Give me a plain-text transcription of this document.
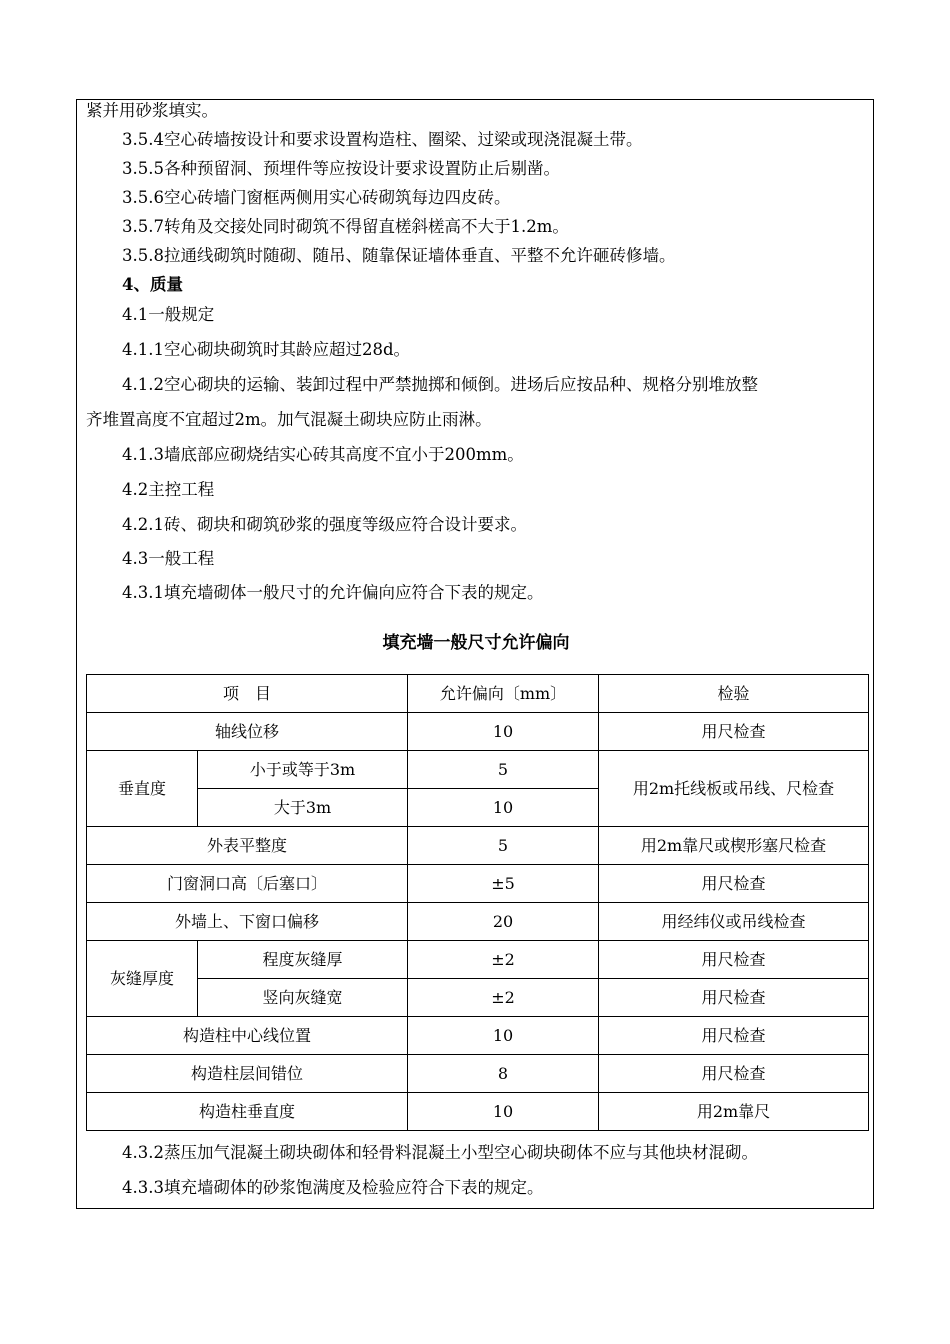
紧并用砂浆填实。
3.5.4空心砖墙按设计和要求设置构造柱、圈梁、过梁或现浇混凝土带。
3.5.5各种预留洞、预埋件等应按设计要求设置防止后剔凿。
3.5.6空心砖墙门窗框两侧用实心砖砌筑每边四皮砖。
3.5.7转角及交接处同时砌筑不得留直槎斜槎高不大于1.2m。
3.5.8拉通线砌筑时随砌、随吊、随靠保证墙体垂直、平整不允许砸砖修墙。
4、质量
4.1一般规定
4.1.1空心砌块砌筑时其龄应超过28d。
4.1.2空心砌块的运输、装卸过程中严禁抛掷和倾倒。进场后应按品种、规格分别堆放整
齐堆置高度不宜超过2m。加气混凝土砌块应防止雨淋。
4.1.3墙底部应砌烧结实心砖其高度不宜小于200mm。
4.2主控工程
4.2.1砖、砌块和砌筑砂浆的强度等级应符合设计要求。
4.3一般工程
4.3.1填充墙砌体一般尺寸的允许偏向应符合下表的规定。
填充墙一般尺寸允许偏向
项　目		允许偏向〔mm〕	检验
轴线位移		10	用尺检查
垂直度	小于或等于3m	5	用2m托线板或吊线、尺检查
	大于3m	10	
外表平整度		5	用2m靠尺或楔形塞尺检查
门窗洞口高〔后塞口〕		±5	用尺检查
外墙上、下窗口偏移		20	用经纬仪或吊线检查
灰缝厚度	程度灰缝厚	±2	用尺检查
	竖向灰缝宽	±2	用尺检查
构造柱中心线位置		10	用尺检查
构造柱层间错位		8	用尺检查
构造柱垂直度		10	用2m靠尺
4.3.2蒸压加气混凝土砌块砌体和轻骨料混凝土小型空心砌块砌体不应与其他块材混砌。
4.3.3填充墙砌体的砂浆饱满度及检验应符合下表的规定。
